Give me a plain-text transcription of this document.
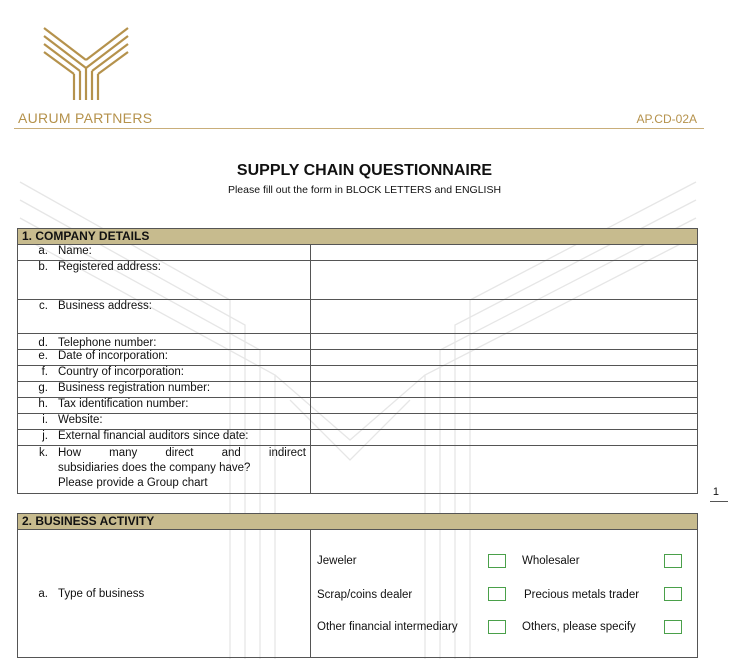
AURUM PARTNERS	AP.CD-02A
SUPPLY CHAIN QUESTIONNAIRE
Please fill out the form in BLOCK LETTERS and ENGLISH
1. COMPANY DETAILS	
a. Name:	
b. Registered address:	
c. Business address:	
d. Telephone number:	
e. Date of incorporation:	
f. Country of incorporation:	
g. Business registration number:	
h. Tax identification number:	
i. Website:	
j. External financial auditors since date:	

k. How many direct and indirect
subsidiaries does the company have?
Please provide a Group chart	

2. BUSINESS ACTIVITY
a. Type of business	
Jeweler	Wholesaler
Scrap/coins dealer	Precious metals trader
Other financial intermediary	Others, please specify
1
